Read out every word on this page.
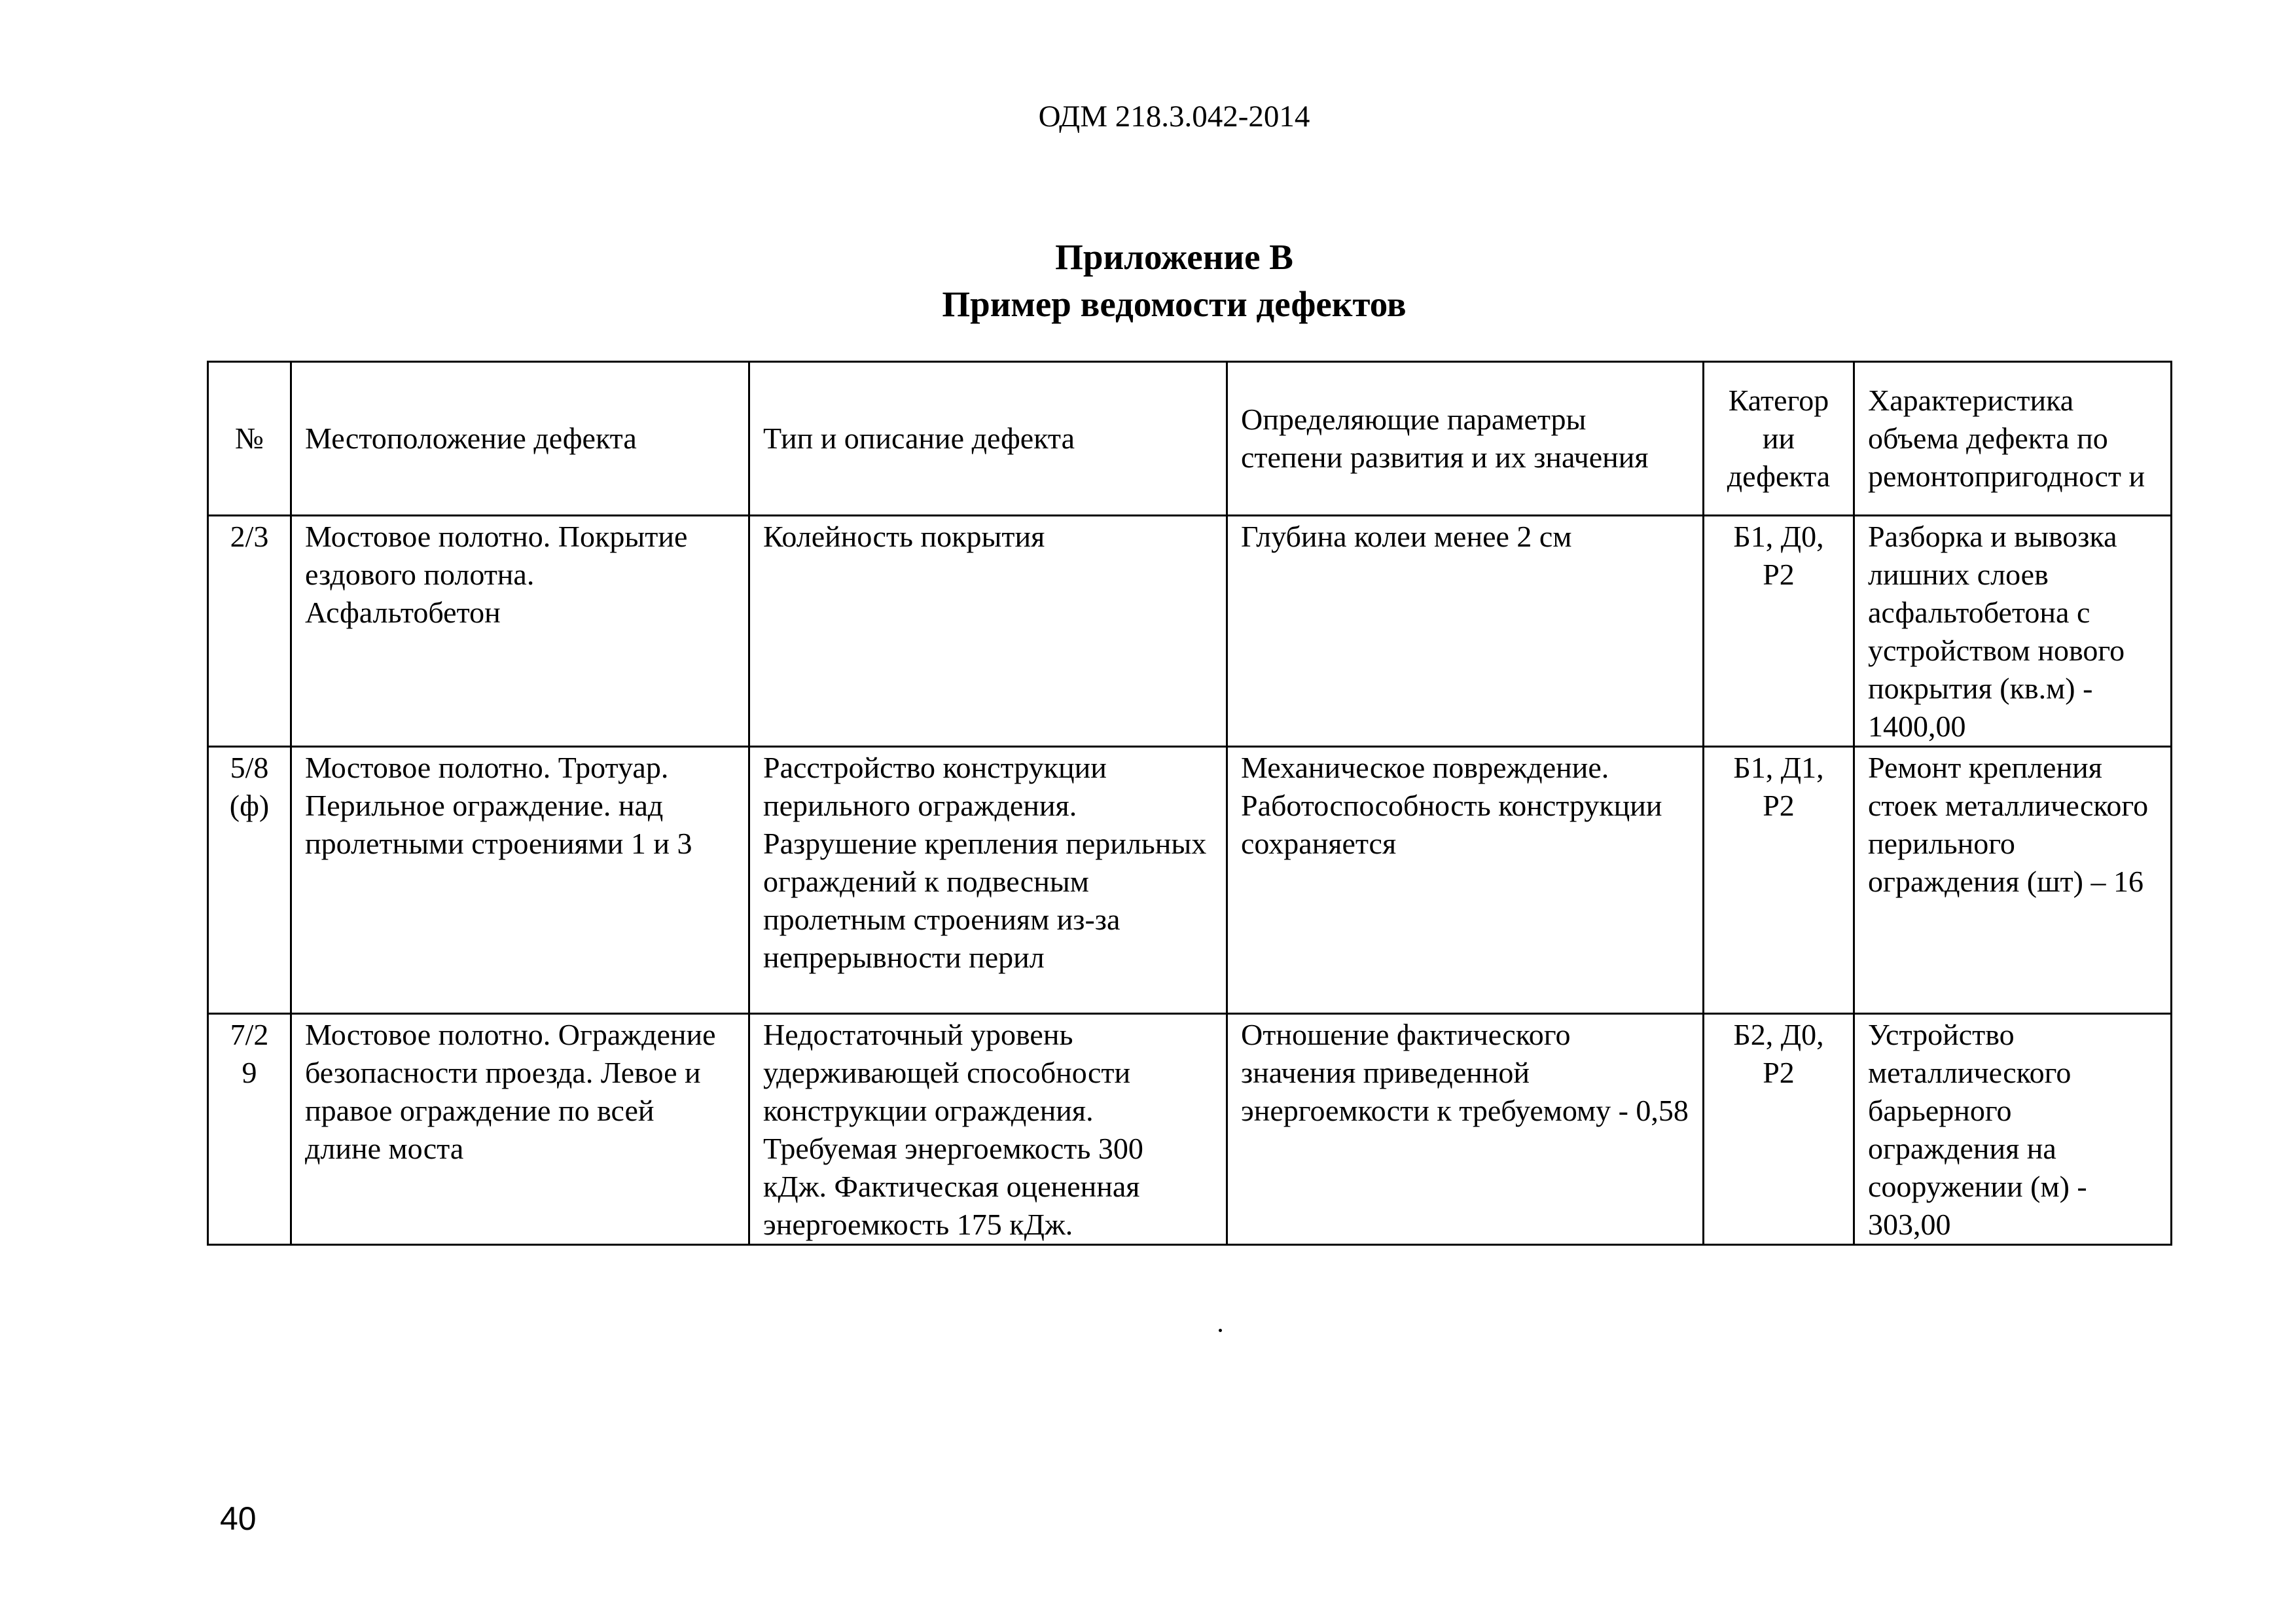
ОДМ 218.3.042-2014
Приложение В
Пример ведомости дефектов
№	Местоположение дефекта	Тип и описание дефекта	Определяющие параметры степени развития и их значения	Категор ии дефекта	Характеристика объема дефекта по ремонтопригодност и
2/3	Мостовое полотно. Покрытие ездового полотна. Асфальтобетон	Колейность покрытия	Глубина колеи менее 2 см	Б1, Д0, Р2	Разборка и вывозка лишних слоев асфальтобетона с устройством нового покрытия (кв.м) - 1400,00
5/8 (ф)	Мостовое полотно. Тротуар. Перильное ограждение. над пролетными строениями 1 и 3	Расстройство конструкции перильного ограждения. Разрушение крепления перильных ограждений к подвесным пролетным строениям из-за непрерывности перил	Механическое повреждение. Работоспособность конструкции сохраняется	Б1, Д1, Р2	Ремонт крепления стоек металлического перильного ограждения (шт) – 16
7/2 9	Мостовое полотно. Ограждение безопасности проезда. Левое и правое ограждение по всей длине моста	Недостаточный уровень удерживающей способности конструкции ограждения. Требуемая энергоемкость 300 кДж. Фактическая оцененная энергоемкость 175 кДж.	Отношение фактического значения приведенной энергоемкости к требуемому - 0,58	Б2, Д0, Р2	Устройство металлического барьерного ограждения на сооружении (м) - 303,00
40
